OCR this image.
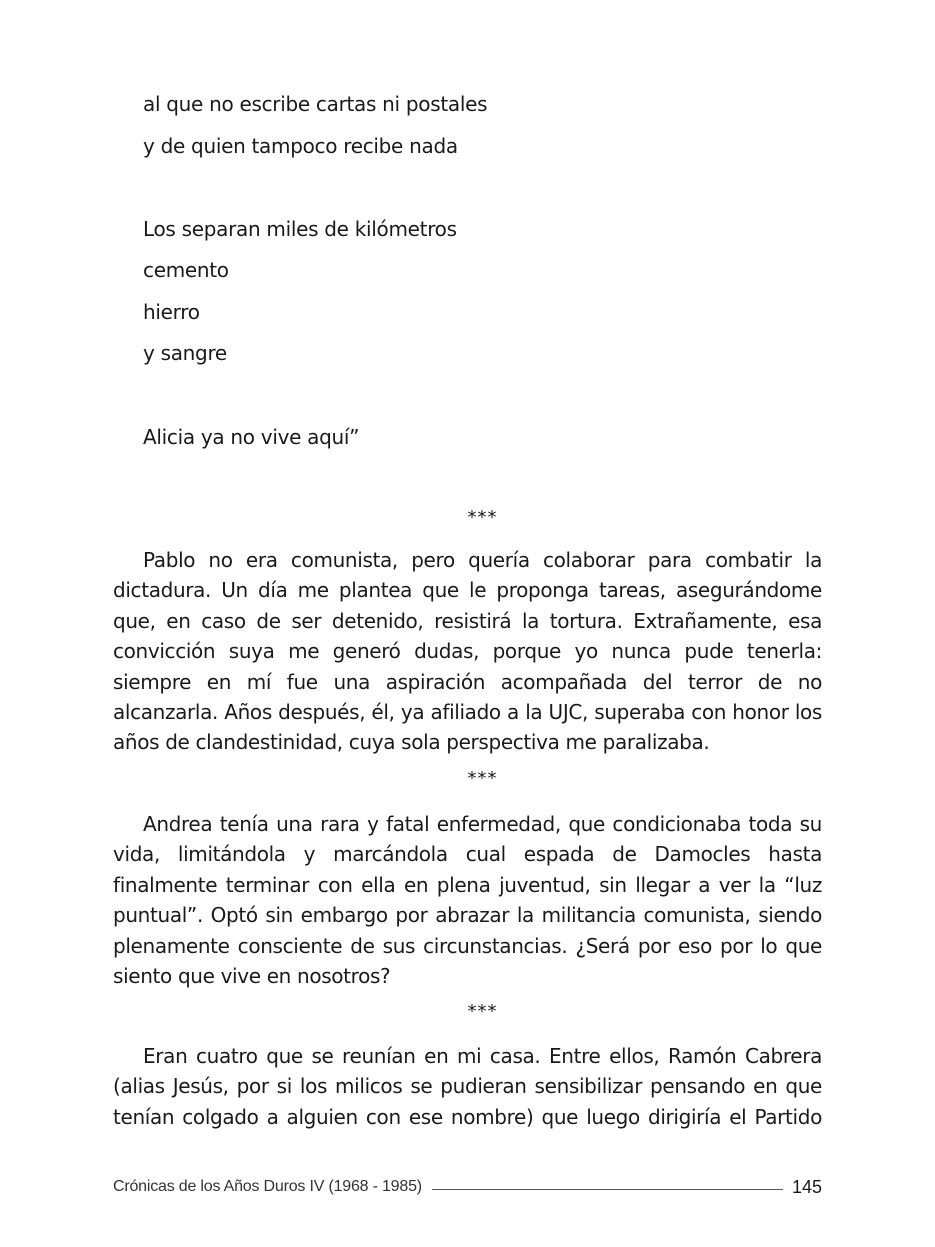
al que no escribe cartas ni postales
y de quien tampoco recibe nada
Los separan miles de kilómetros
cemento
hierro
y sangre
Alicia ya no vive aquí”
***
Pablo no era comunista, pero quería colaborar para combatir la dictadura. Un día me plantea que le proponga tareas, asegurándome que, en caso de ser detenido, resistirá la tortura. Extrañamente, esa convicción suya me generó dudas, porque yo nunca pude tenerla: siempre en mí fue una aspiración acompañada del terror de no alcanzarla. Años después, él, ya afiliado a la UJC, superaba con honor los años de clandestinidad, cuya sola perspectiva me paralizaba.
***
Andrea tenía una rara y fatal enfermedad, que condicionaba toda su vida, limitándola y marcándola cual espada de Damocles hasta finalmente terminar con ella en plena juventud, sin llegar a ver la “luz puntual”. Optó sin embargo por abrazar la militancia comunista, siendo plenamente consciente de sus circunstancias. ¿Será por eso por lo que siento que vive en nosotros?
***
Eran cuatro que se reunían en mi casa. Entre ellos, Ramón Cabrera (alias Jesús, por si los milicos se pudieran sensibilizar pensando en que tenían colgado a alguien con ese nombre) que luego dirigiría el Partido
Crónicas de los Años Duros IV (1968 - 1985)	145
